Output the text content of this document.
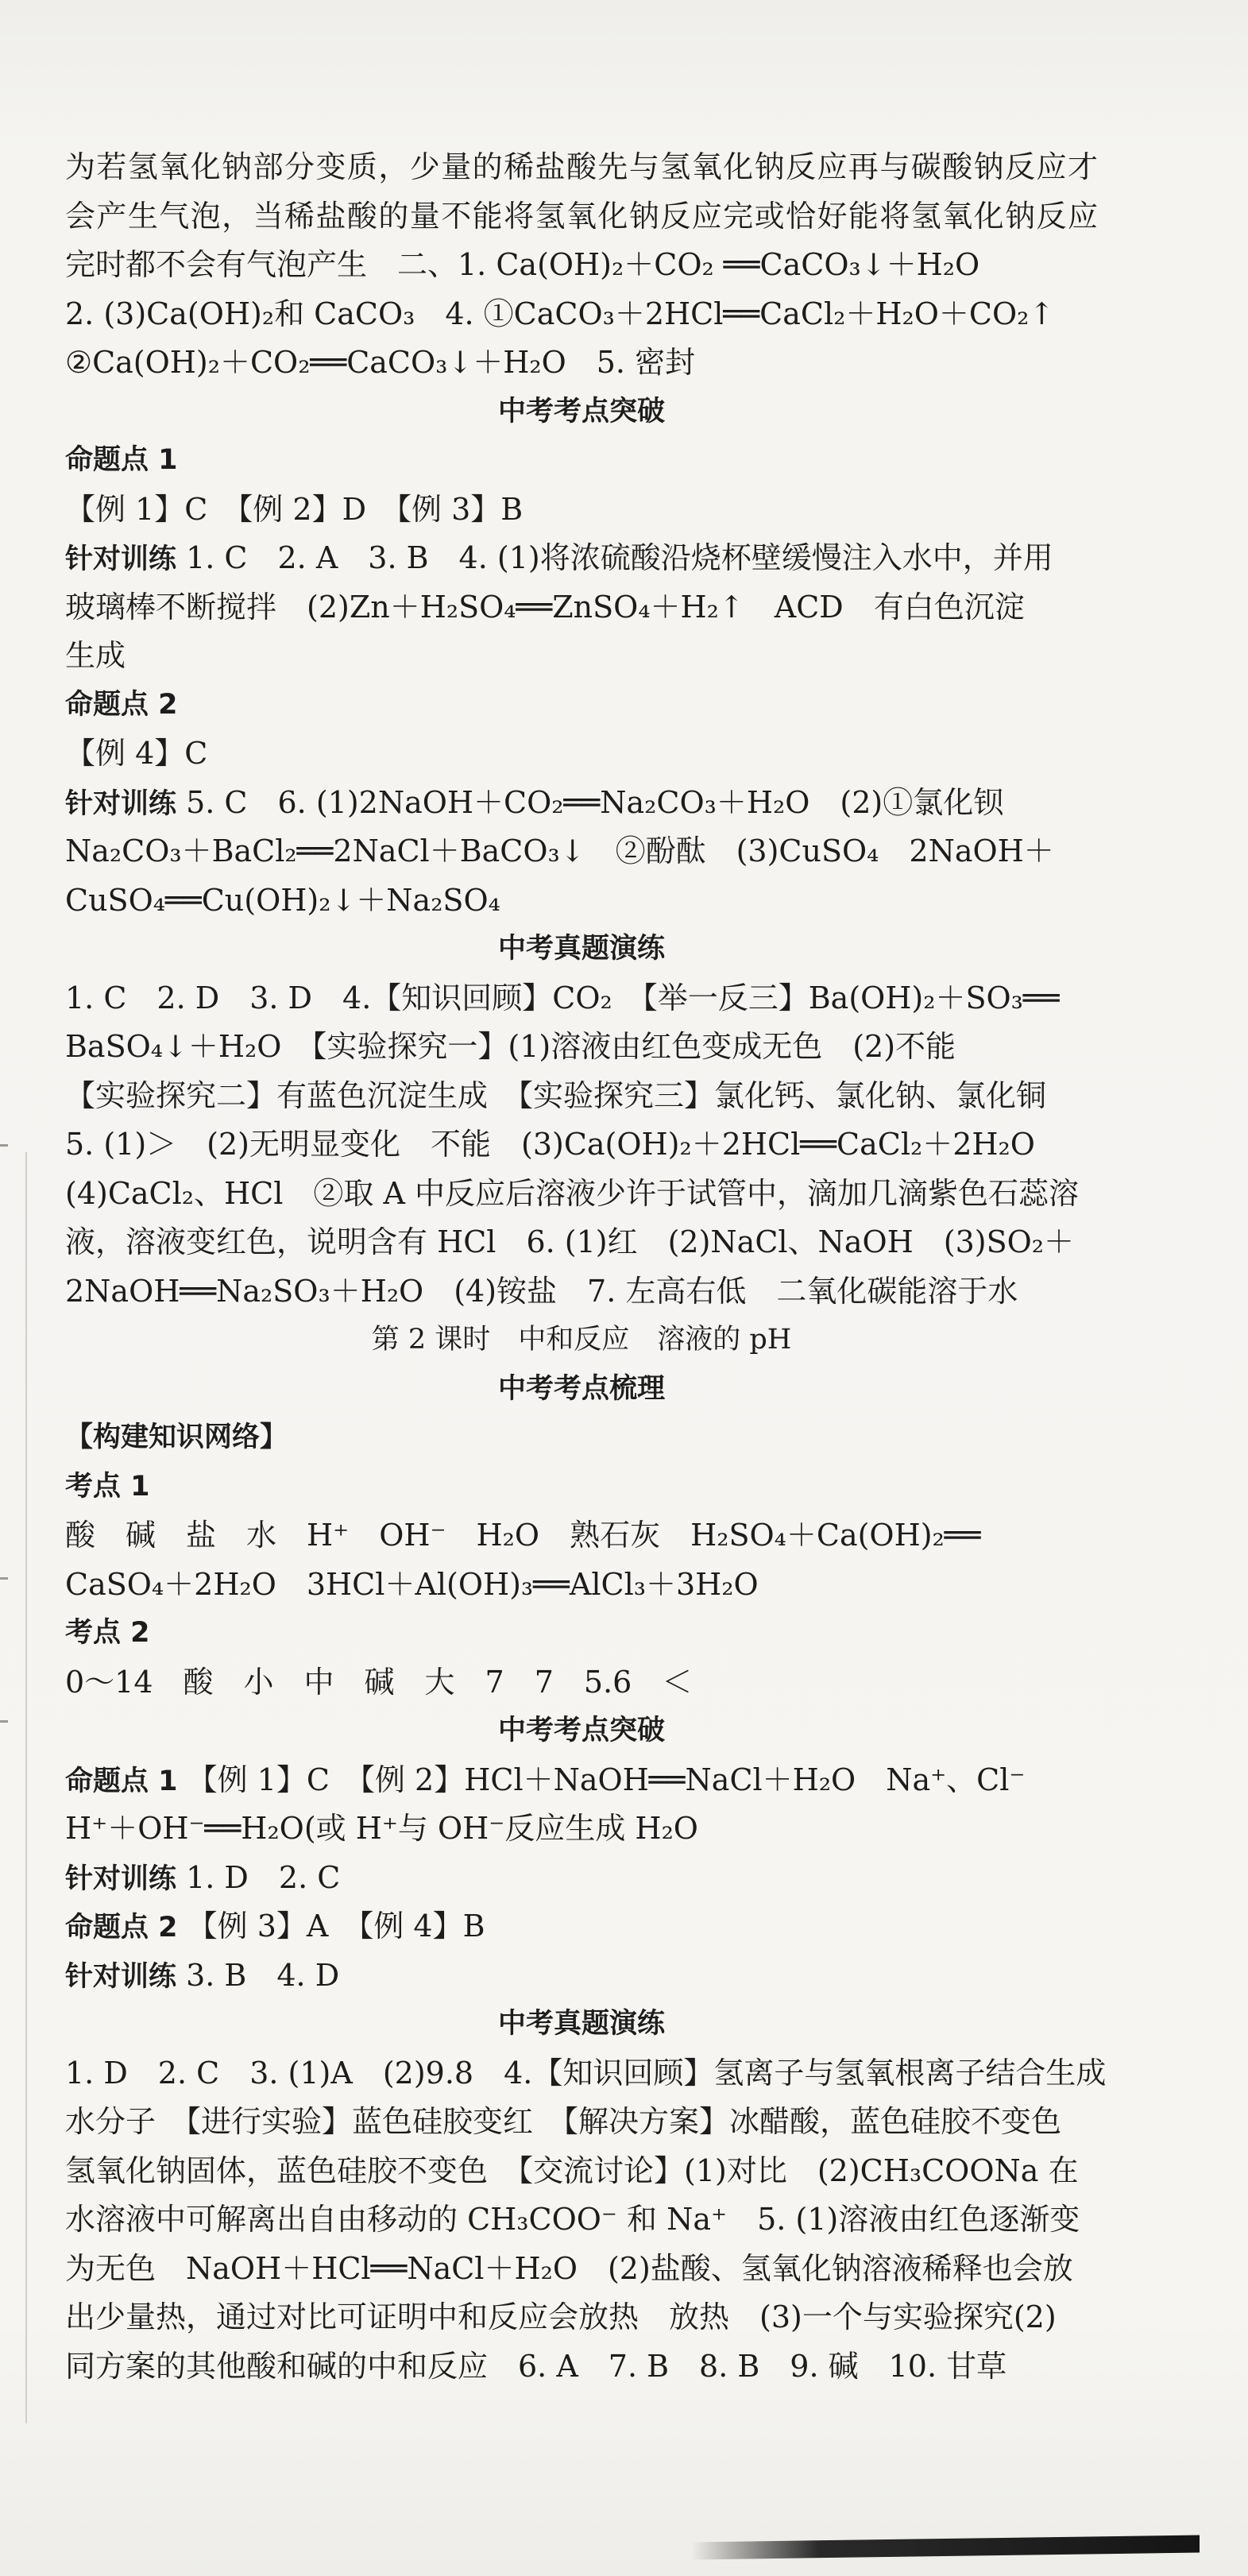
为若氢氧化钠部分变质，少量的稀盐酸先与氢氧化钠反应再与碳酸钠反应才
会产生气泡，当稀盐酸的量不能将氢氧化钠反应完或恰好能将氢氧化钠反应
完时都不会有气泡产生　二、1. Ca(OH)₂＋CO₂ ══CaCO₃↓＋H₂O
2. (3)Ca(OH)₂和 CaCO₃　4. ①CaCO₃＋2HCl══CaCl₂＋H₂O＋CO₂↑
②Ca(OH)₂＋CO₂══CaCO₃↓＋H₂O　5. 密封
中考考点突破
命题点 1
【例 1】C　【例 2】D　【例 3】B
针对训练 1. C　2. A　3. B　4. (1)将浓硫酸沿烧杯壁缓慢注入水中，并用
玻璃棒不断搅拌　(2)Zn＋H₂SO₄══ZnSO₄＋H₂↑　ACD　有白色沉淀
生成
命题点 2
【例 4】C
针对训练 5. C　6. (1)2NaOH＋CO₂══Na₂CO₃＋H₂O　(2)①氯化钡
Na₂CO₃＋BaCl₂══2NaCl＋BaCO₃↓　②酚酞　(3)CuSO₄　2NaOH＋
CuSO₄══Cu(OH)₂↓＋Na₂SO₄
中考真题演练
1. C　2. D　3. D　4.【知识回顾】CO₂　【举一反三】Ba(OH)₂＋SO₃══
BaSO₄↓＋H₂O　【实验探究一】(1)溶液由红色变成无色　(2)不能
【实验探究二】有蓝色沉淀生成　【实验探究三】氯化钙、氯化钠、氯化铜
5. (1)＞　(2)无明显变化　不能　(3)Ca(OH)₂＋2HCl══CaCl₂＋2H₂O
(4)CaCl₂、HCl　②取 A 中反应后溶液少许于试管中，滴加几滴紫色石蕊溶
液，溶液变红色，说明含有 HCl　6. (1)红　(2)NaCl、NaOH　(3)SO₂＋
2NaOH══Na₂SO₃＋H₂O　(4)铵盐　7. 左高右低　二氧化碳能溶于水
第 2 课时　中和反应　溶液的 pH
中考考点梳理
【构建知识网络】
考点 1
酸　碱　盐　水　H⁺　OH⁻　H₂O　熟石灰　H₂SO₄＋Ca(OH)₂══
CaSO₄＋2H₂O　3HCl＋Al(OH)₃══AlCl₃＋3H₂O
考点 2
0～14　酸　小　中　碱　大　7　7　5.6　＜
中考考点突破
命题点 1 【例 1】C　【例 2】HCl＋NaOH══NaCl＋H₂O　Na⁺、Cl⁻
H⁺＋OH⁻══H₂O(或 H⁺与 OH⁻反应生成 H₂O
针对训练 1. D　2. C
命题点 2 【例 3】A　【例 4】B
针对训练 3. B　4. D
中考真题演练
1. D　2. C　3. (1)A　(2)9.8　4.【知识回顾】氢离子与氢氧根离子结合生成
水分子　【进行实验】蓝色硅胶变红　【解决方案】冰醋酸，蓝色硅胶不变色
氢氧化钠固体，蓝色硅胶不变色　【交流讨论】(1)对比　(2)CH₃COONa 在
水溶液中可解离出自由移动的 CH₃COO⁻ 和 Na⁺　5. (1)溶液由红色逐渐变
为无色　NaOH＋HCl══NaCl＋H₂O　(2)盐酸、氢氧化钠溶液稀释也会放
出少量热，通过对比可证明中和反应会放热　放热　(3)一个与实验探究(2)
同方案的其他酸和碱的中和反应　6. A　7. B　8. B　9. 碱　10. 甘草
